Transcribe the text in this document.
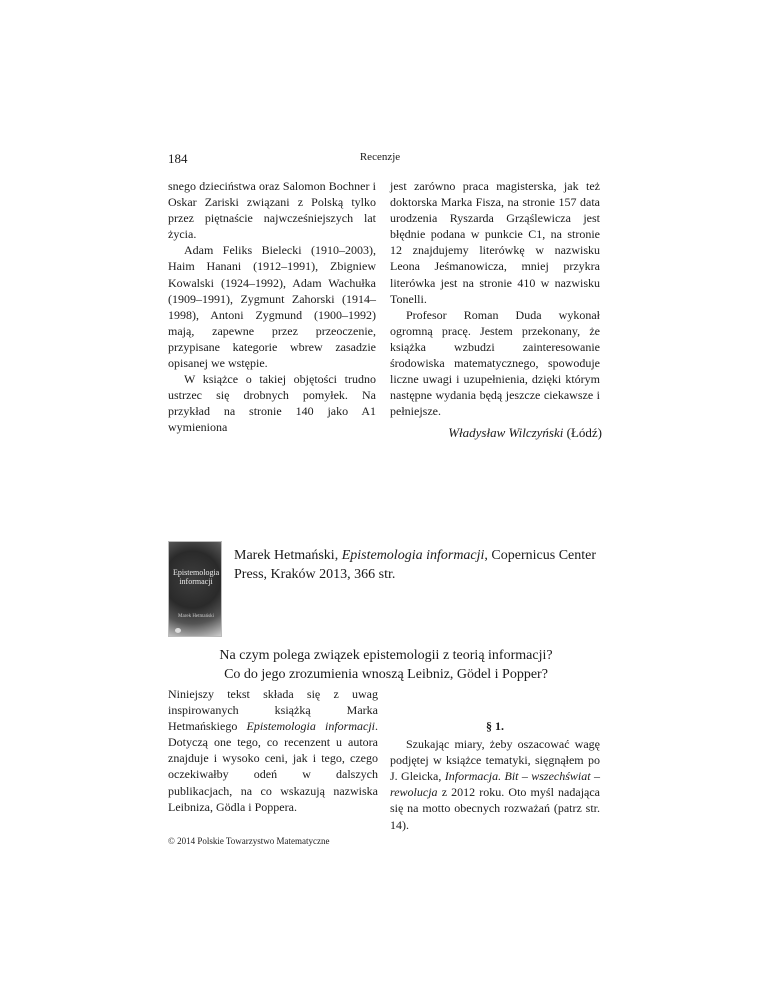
184	Recenzje

snego dzieciństwa oraz Salomon Bochner i Oskar Zariski związani z Polską tylko przez piętnaście najwcześniejszych lat życia.

Adam Feliks Bielecki (1910–2003), Haim Hanani (1912–1991), Zbigniew Kowalski (1924–1992), Adam Wachułka (1909–1991), Zygmunt Zahorski (1914–1998), Antoni Zygmund (1900–1992) mają, zapewne przez przeoczenie, przypisane kategorie wbrew zasadzie opisanej we wstępie.

W książce o takiej objętości trudno ustrzec się drobnych pomyłek. Na przykład na stronie 140 jako A1 wymieniona

jest zarówno praca magisterska, jak też doktorska Marka Fisza, na stronie 157 data urodzenia Ryszarda Grząślewicza jest błędnie podana w punkcie C1, na stronie 12 znajdujemy literówkę w nazwisku Leona Jeśmanowicza, mniej przykra literówka jest na stronie 410 w nazwisku Tonelli.

Profesor Roman Duda wykonał ogromną pracę. Jestem przekonany, że książka wzbudzi zainteresowanie środowiska matematycznego, spowoduje liczne uwagi i uzupełnienia, dzięki którym następne wydania będą jeszcze ciekawsze i pełniejsze.

Władysław Wilczyński (Łódź)
Epistemologia informacji
Marek Hetmański
Marek Hetmański, Epistemologia informacji, Copernicus Center Press, Kraków 2013, 366 str.
Na czym polega związek epistemologii z teorią informacji?
Co do jego zrozumienia wnoszą Leibniz, Gödel i Popper?

Niniejszy tekst składa się z uwag inspirowanych książką Marka Hetmańskiego Epistemologia informacji. Dotyczą one tego, co recenzent u autora znajduje i wysoko ceni, jak i tego, czego oczekiwałby odeń w dalszych publikacjach, na co wskazują nazwiska Leibniza, Gödla i Poppera.

§ 1.

Szukając miary, żeby oszacować wagę podjętej w książce tematyki, sięgnąłem po J. Gleicka, Informacja. Bit – wszechświat – rewolucja z 2012 roku. Oto myśl nadająca się na motto obecnych rozważań (patrz str. 14).

© 2014 Polskie Towarzystwo Matematyczne
